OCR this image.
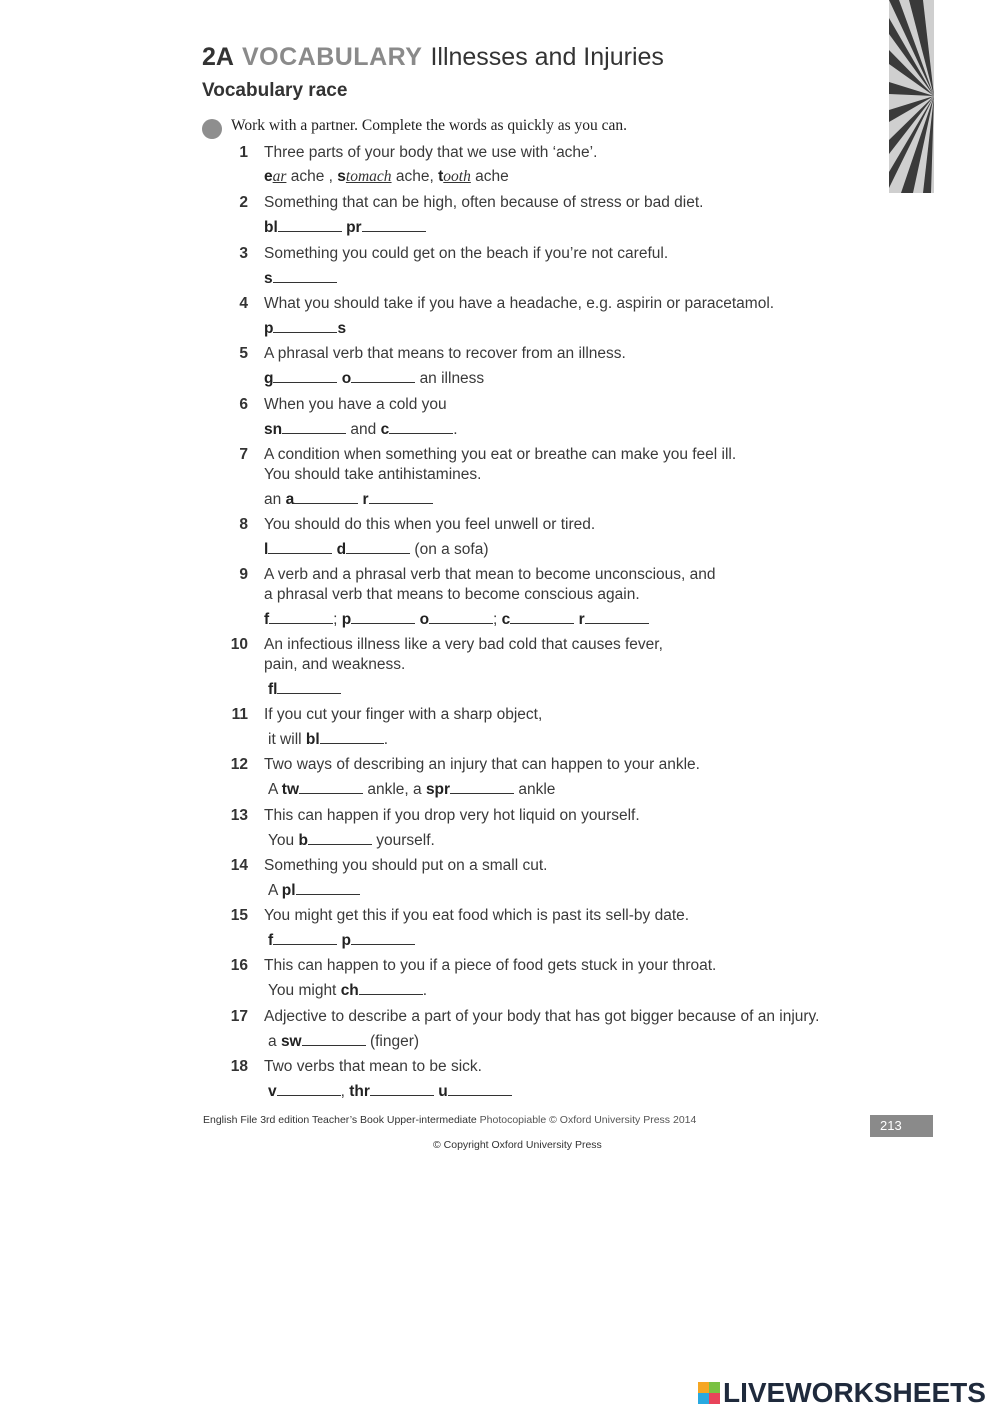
2A VOCABULARY Illnesses and Injuries
Vocabulary race
Work with a partner. Complete the words as quickly as you can.
1 Three parts of your body that we use with ‘ache’.
ear ache , stomach ache, tooth ache
2 Something that can be high, often because of stress or bad diet.
bl	pr
3 Something you could get on the beach if you’re not careful.
s
4 What you should take if you have a headache, e.g. aspirin or paracetamol.
p	s
5 A phrasal verb that means to recover from an illness.
g	o	an illness
6 When you have a cold you
sn	and c	.
7 A condition when something you eat or breathe can make you feel ill.
You should take antihistamines.
an a	r
8 You should do this when you feel unwell or tired.
l	d	(on a sofa)
9 A verb and a phrasal verb that mean to become unconscious, and
a phrasal verb that means to become conscious again.
f	; p	o	; c	r
10 An infectious illness like a very bad cold that causes fever,
pain, and weakness.
fl
11 If you cut your finger with a sharp object,
it will bl	.
12 Two ways of describing an injury that can happen to your ankle.
A tw	ankle, a spr	ankle
13 This can happen if you drop very hot liquid on yourself.
You b	yourself.
14 Something you should put on a small cut.
A pl
15 You might get this if you eat food which is past its sell-by date.
f	p
16 This can happen to you if a piece of food gets stuck in your throat.
You might ch	.
17 Adjective to describe a part of your body that has got bigger because of an injury.
a sw	(finger)
18 Two verbs that mean to be sick.
v	, thr	u
English File 3rd edition Teacher’s Book Upper-intermediate Photocopiable © Oxford University Press 2014	213
© Copyright Oxford University Press
LIVEWORKSHEETS
